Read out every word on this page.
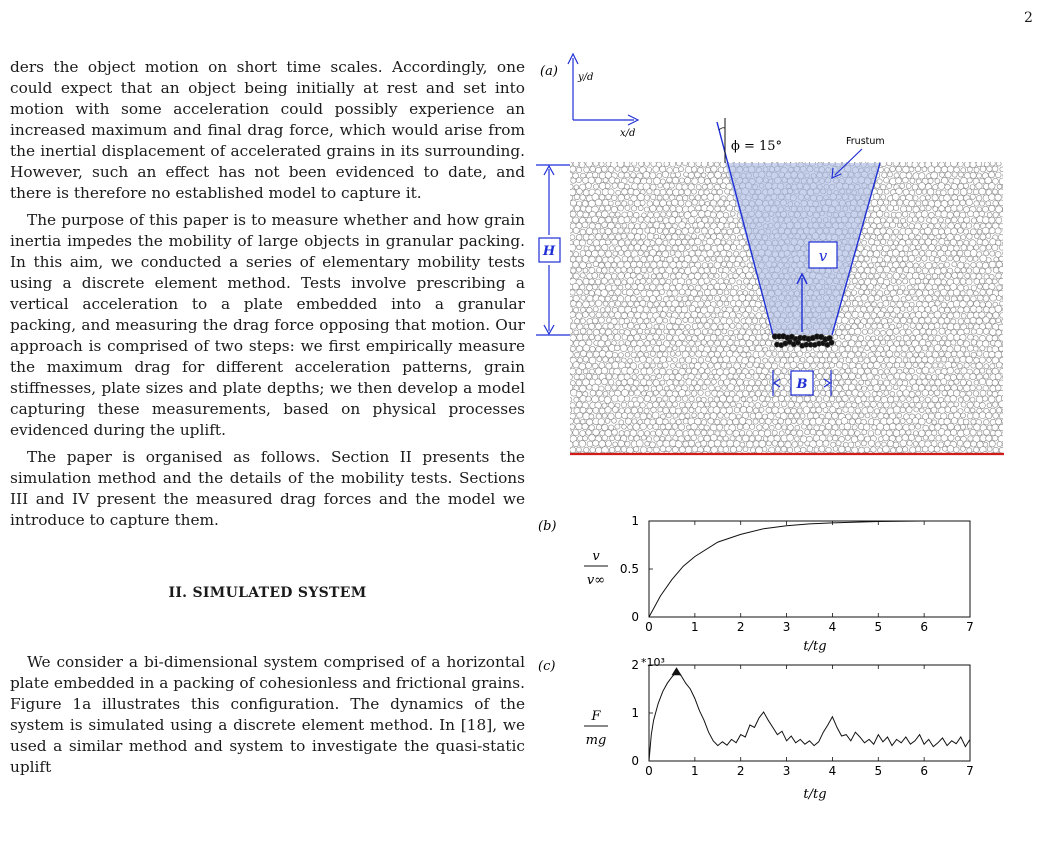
2

ders the object motion on short time scales. Accordingly, one could expect that an object being initially at rest and set into motion with some acceleration could possibly experience an increased maximum and final drag force, which would arise from the inertial displacement of accelerated grains in its surrounding. However, such an effect has not been evidenced to date, and there is therefore no established model to capture it.

The purpose of this paper is to measure whether and how grain inertia impedes the mobility of large objects in granular packing. In this aim, we conducted a series of elementary mobility tests using a discrete element method. Tests involve prescribing a vertical acceleration to a plate embedded into a granular packing, and measuring the drag force opposing that motion. Our approach is comprised of two steps: we first empirically measure the maximum drag for different acceleration patterns, grain stiffnesses, plate sizes and plate depths; we then develop a model capturing these measurements, based on physical processes evidenced during the uplift.

The paper is organised as follows. Section II presents the simulation method and the details of the mobility tests. Sections III and IV present the measured drag forces and the model we introduce to capture them.

II. SIMULATED SYSTEM

We consider a bi-dimensional system comprised of a horizontal plate embedded in a packing of cohesionless and frictional grains. Figure 1a illustrates this configuration. The dynamics of the system is simulated using a discrete element method. In [18], we used a similar method and system to investigate the quasi-static uplift

(a) y/d
x/d
ϕ = 15°	Frustum
H	v
B
(b)
v
v∞
0	1	2	3	4	5	6	7
0
0.5
1
t/tg
(c)	*10³
F
mg
0	1	2	3	4	5	6	7
0
1
2
t/tg
